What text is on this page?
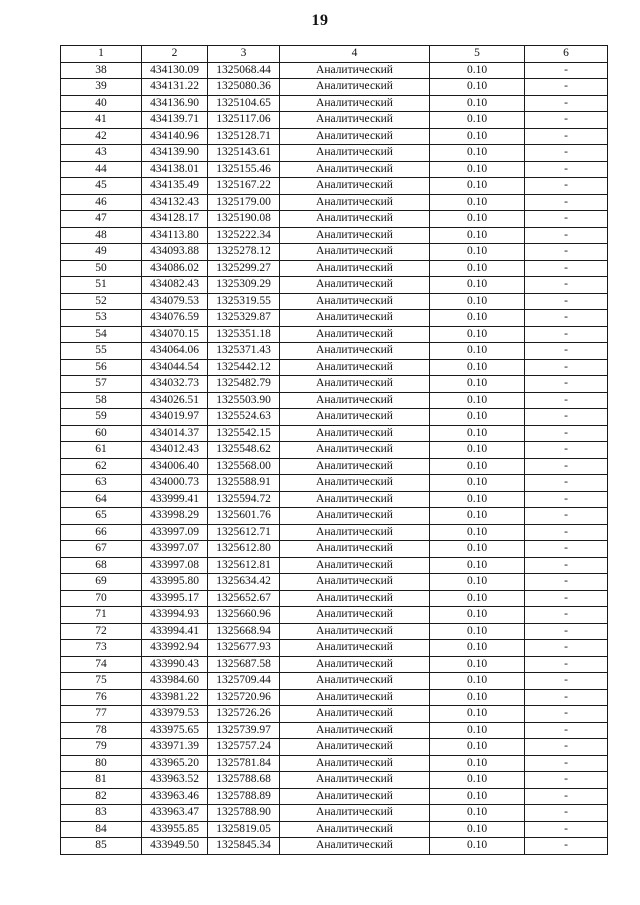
19
1	2	3	4	5	6
38	434130.09	1325068.44	Аналитический	0.10	-
39	434131.22	1325080.36	Аналитический	0.10	-
40	434136.90	1325104.65	Аналитический	0.10	-
41	434139.71	1325117.06	Аналитический	0.10	-
42	434140.96	1325128.71	Аналитический	0.10	-
43	434139.90	1325143.61	Аналитический	0.10	-
44	434138.01	1325155.46	Аналитический	0.10	-
45	434135.49	1325167.22	Аналитический	0.10	-
46	434132.43	1325179.00	Аналитический	0.10	-
47	434128.17	1325190.08	Аналитический	0.10	-
48	434113.80	1325222.34	Аналитический	0.10	-
49	434093.88	1325278.12	Аналитический	0.10	-
50	434086.02	1325299.27	Аналитический	0.10	-
51	434082.43	1325309.29	Аналитический	0.10	-
52	434079.53	1325319.55	Аналитический	0.10	-
53	434076.59	1325329.87	Аналитический	0.10	-
54	434070.15	1325351.18	Аналитический	0.10	-
55	434064.06	1325371.43	Аналитический	0.10	-
56	434044.54	1325442.12	Аналитический	0.10	-
57	434032.73	1325482.79	Аналитический	0.10	-
58	434026.51	1325503.90	Аналитический	0.10	-
59	434019.97	1325524.63	Аналитический	0.10	-
60	434014.37	1325542.15	Аналитический	0.10	-
61	434012.43	1325548.62	Аналитический	0.10	-
62	434006.40	1325568.00	Аналитический	0.10	-
63	434000.73	1325588.91	Аналитический	0.10	-
64	433999.41	1325594.72	Аналитический	0.10	-
65	433998.29	1325601.76	Аналитический	0.10	-
66	433997.09	1325612.71	Аналитический	0.10	-
67	433997.07	1325612.80	Аналитический	0.10	-
68	433997.08	1325612.81	Аналитический	0.10	-
69	433995.80	1325634.42	Аналитический	0.10	-
70	433995.17	1325652.67	Аналитический	0.10	-
71	433994.93	1325660.96	Аналитический	0.10	-
72	433994.41	1325668.94	Аналитический	0.10	-
73	433992.94	1325677.93	Аналитический	0.10	-
74	433990.43	1325687.58	Аналитический	0.10	-
75	433984.60	1325709.44	Аналитический	0.10	-
76	433981.22	1325720.96	Аналитический	0.10	-
77	433979.53	1325726.26	Аналитический	0.10	-
78	433975.65	1325739.97	Аналитический	0.10	-
79	433971.39	1325757.24	Аналитический	0.10	-
80	433965.20	1325781.84	Аналитический	0.10	-
81	433963.52	1325788.68	Аналитический	0.10	-
82	433963.46	1325788.89	Аналитический	0.10	-
83	433963.47	1325788.90	Аналитический	0.10	-
84	433955.85	1325819.05	Аналитический	0.10	-
85	433949.50	1325845.34	Аналитический	0.10	-
